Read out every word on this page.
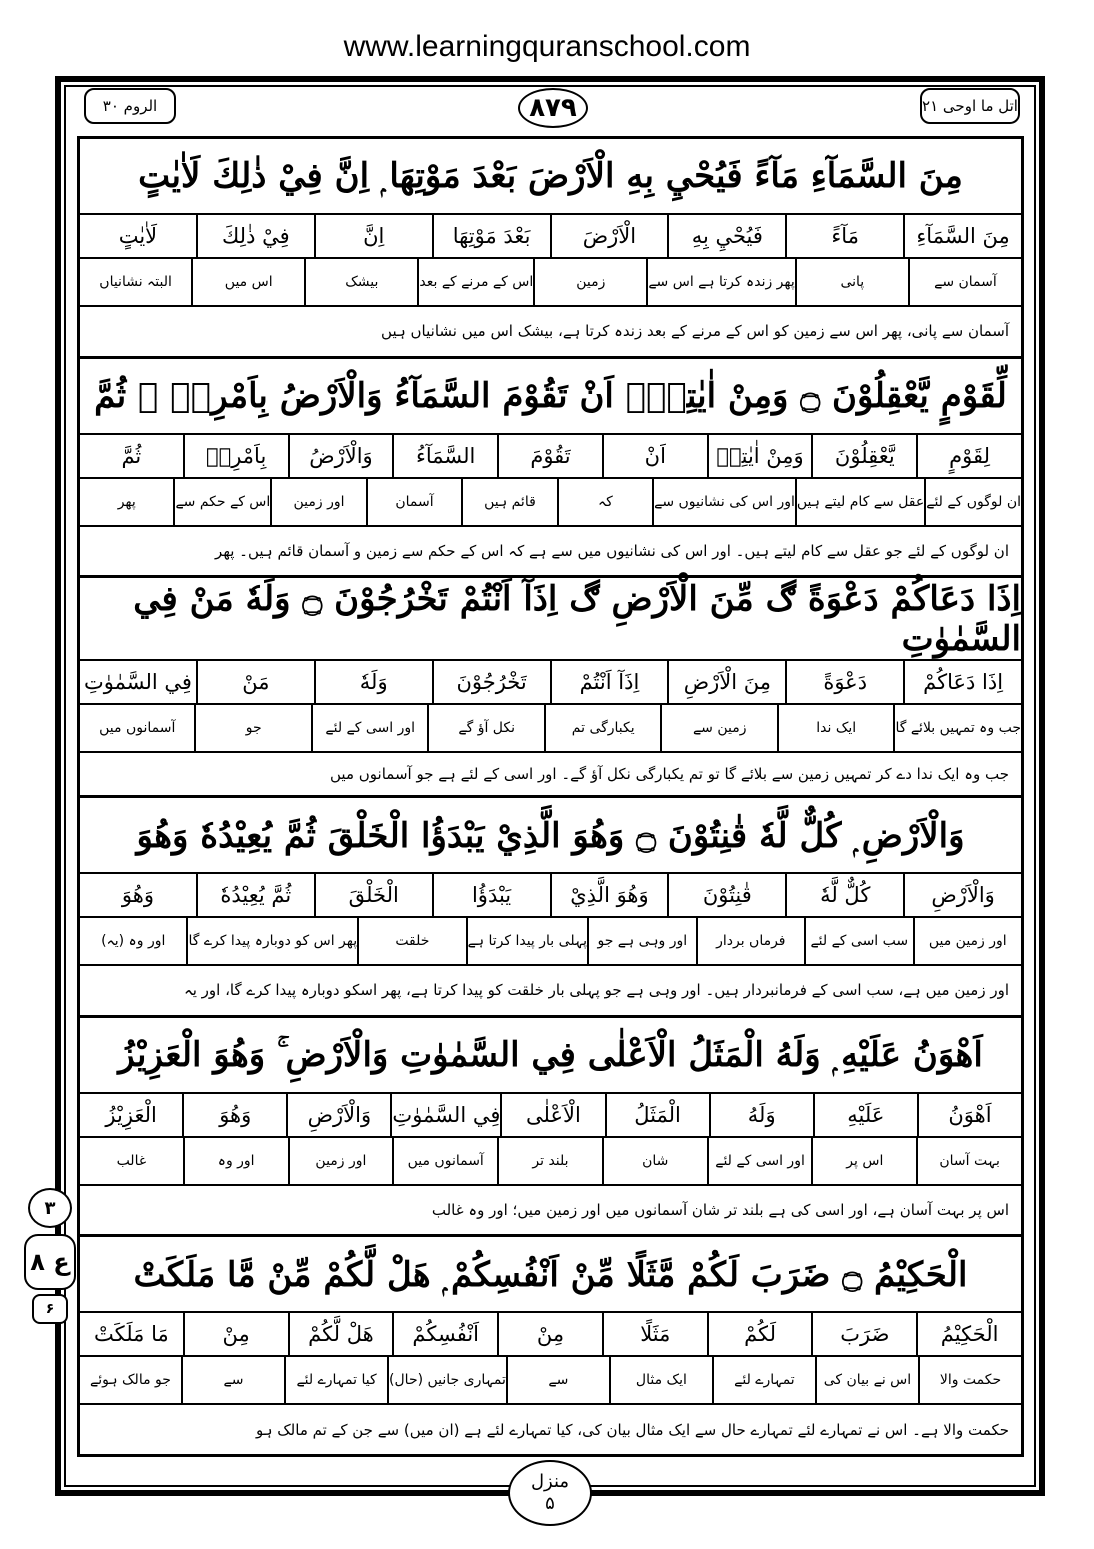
www.learningquranschool.com
الروم ۳۰	۸۷۹	اتل ما اوحی ۲۱
مِنَ السَّمَآءِ مَآءً فَيُحْيِ بِهِ الْاَرْضَ بَعْدَ مَوْتِهَا ۭ اِنَّ فِيْ ذٰلِكَ لَاٰيٰتٍ
مِنَ السَّمَآءِ
مَآءً
فَيُحْيِ بِهِ
الْاَرْضَ
بَعْدَ مَوْتِهَا
اِنَّ
فِيْ ذٰلِكَ
لَاٰيٰتٍ
آسمان سے
پانی
پھر زندہ کرتا ہے اس سے
زمین
اس کے مرنے کے بعد
بیشک
اس میں
البتہ نشانیاں
آسمان سے پانی، پھر اس سے زمین کو اس کے مرنے کے بعد زندہ کرتا ہے، بیشک اس میں نشانیاں ہیں
لِّقَوْمٍ يَّعْقِلُوْنَ ۝ وَمِنْ اٰيٰتِهٖٓ اَنْ تَقُوْمَ السَّمَآءُ وَالْاَرْضُ بِاَمْرِهٖ ۭ ثُمَّ
لِقَوْمٍ
يَّعْقِلُوْنَ
وَمِنْ اٰيٰتِهٖ
اَنْ
تَقُوْمَ
السَّمَآءُ
وَالْاَرْضُ
بِاَمْرِهٖ
ثُمَّ
ان لوگوں کے لئے
عقل سے کام لیتے ہیں
اور اس کی نشانیوں سے
کہ
قائم ہیں
آسمان
اور زمین
اس کے حکم سے
پھر
ان لوگوں کے لئے جو عقل سے کام لیتے ہیں۔ اور اس کی نشانیوں میں سے ہے کہ اس کے حکم سے زمین و آسمان قائم ہیں۔ پھر
اِذَا دَعَاكُمْ دَعْوَةً ڰ مِّنَ الْاَرْضِ ڰ اِذَآ اَنْتُمْ تَخْرُجُوْنَ ۝ وَلَهٗ مَنْ فِي السَّمٰوٰتِ
اِذَا دَعَاكُمْ
دَعْوَةً
مِنَ الْاَرْضِ
اِذَآ اَنْتُمْ
تَخْرُجُوْنَ
وَلَهٗ
مَنْ
فِي السَّمٰوٰتِ
جب وہ تمہیں بلائے گا
ایک ندا
زمین سے
یکبارگی تم
نکل آؤ گے
اور اسی کے لئے
جو
آسمانوں میں
جب وہ ایک ندا دے کر تمہیں زمین سے بلائے گا تو تم یکبارگی نکل آؤ گے۔ اور اسی کے لئے ہے جو آسمانوں میں
وَالْاَرْضِ ۭ كُلٌّ لَّهٗ قٰنِتُوْنَ ۝ وَهُوَ الَّذِيْ يَبْدَؤُا الْخَلْقَ ثُمَّ يُعِيْدُهٗ وَهُوَ
وَالْاَرْضِ
كُلٌّ لَّهٗ
قٰنِتُوْنَ
وَهُوَ الَّذِيْ
يَبْدَؤُا
الْخَلْقَ
ثُمَّ يُعِيْدُهٗ
وَهُوَ
اور زمین میں
سب اسی کے لئے
فرماں بردار
اور وہی ہے جو
پہلی بار پیدا کرتا ہے
خلقت
پھر اس کو دوبارہ پیدا کرے گا
اور وہ (یہ)
اور زمین میں ہے، سب اسی کے فرمانبردار ہیں۔ اور وہی ہے جو پہلی بار خلقت کو پیدا کرتا ہے، پھر اسکو دوبارہ پیدا کرے گا، اور یہ
اَهْوَنُ عَلَيْهِ ۭ وَلَهُ الْمَثَلُ الْاَعْلٰى فِي السَّمٰوٰتِ وَالْاَرْضِ ۚ وَهُوَ الْعَزِيْزُ
اَهْوَنُ
عَلَيْهِ
وَلَهُ
الْمَثَلُ
الْاَعْلٰى
فِي السَّمٰوٰتِ
وَالْاَرْضِ
وَهُوَ
الْعَزِيْزُ
بہت آسان
اس پر
اور اسی کے لئے
شان
بلند تر
آسمانوں میں
اور زمین
اور وہ
غالب
اس پر بہت آسان ہے، اور اسی کی ہے بلند تر شان آسمانوں میں اور زمین میں؛ اور وہ غالب
الْحَكِيْمُ ۝ ضَرَبَ لَكُمْ مَّثَلًا مِّنْ اَنْفُسِكُمْ ۭ هَلْ لَّكُمْ مِّنْ مَّا مَلَكَتْ
الْحَكِيْمُ
ضَرَبَ
لَكُمْ
مَثَلًا
مِنْ
اَنْفُسِكُمْ
هَلْ لَّكُمْ
مِنْ
مَا مَلَكَتْ
حکمت والا
اس نے بیان کی
تمہارے لئے
ایک مثال
سے
تمہاری جانیں (حال)
کیا تمہارے لئے
سے
جو مالک ہوئے
حکمت والا ہے۔ اس نے تمہارے لئے تمہارے حال سے ایک مثال بیان کی، کیا تمہارے لئے ہے (ان میں) سے جن کے تم مالک ہو
۳
ع ۸
۶
منزل
۵
